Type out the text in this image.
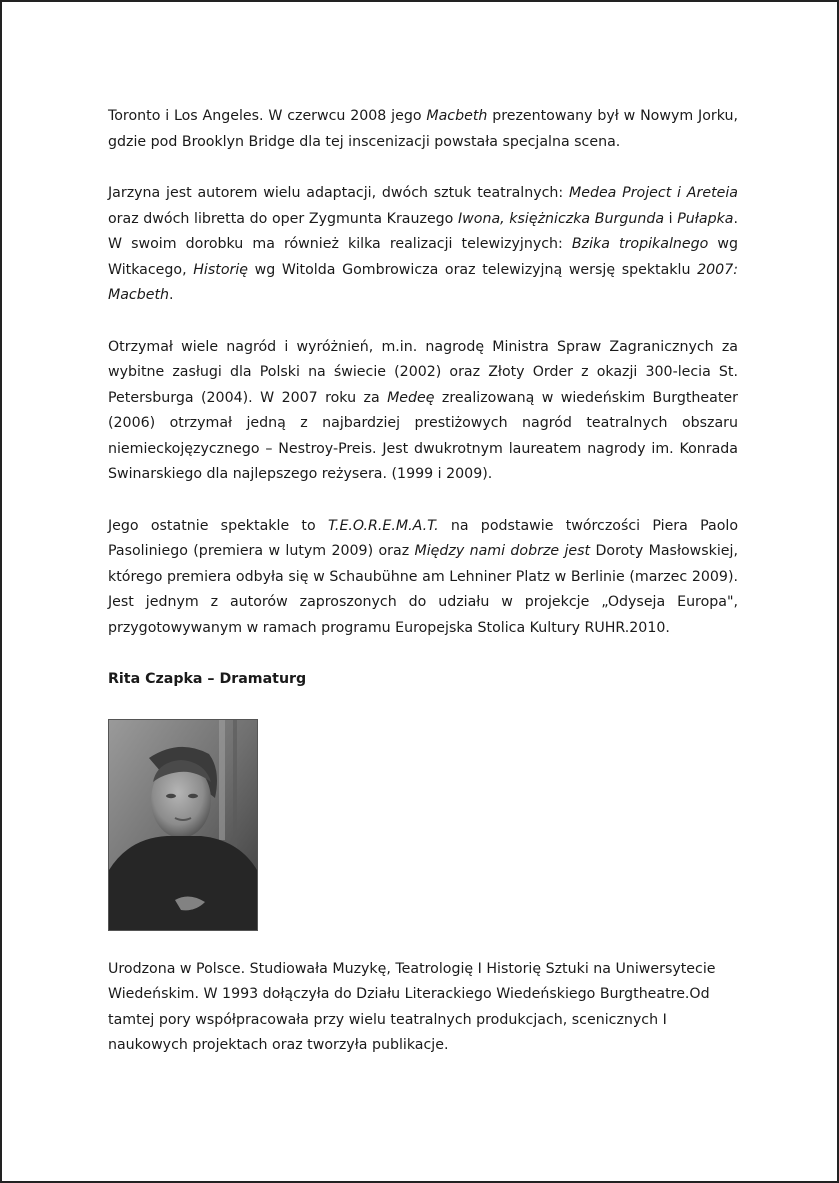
Toronto i Los Angeles. W czerwcu 2008 jego Macbeth prezentowany był w Nowym Jorku, gdzie pod Brooklyn Bridge dla tej inscenizacji powstała specjalna scena.

Jarzyna jest autorem wielu adaptacji, dwóch sztuk teatralnych: Medea Project i Areteia oraz dwóch libretta do oper Zygmunta Krauzego Iwona, księżniczka Burgunda i Pułapka. W swoim dorobku ma również kilka realizacji telewizyjnych: Bzika tropikalnego wg Witkacego, Historię wg Witolda Gombrowicza oraz telewizyjną wersję spektaklu 2007: Macbeth.

Otrzymał wiele nagród i wyróżnień, m.in. nagrodę Ministra Spraw Zagranicznych za wybitne zasługi dla Polski na świecie (2002) oraz Złoty Order z okazji 300-lecia St. Petersburga (2004). W 2007 roku za Medeę zrealizowaną w wiedeńskim Burgtheater (2006) otrzymał jedną z najbardziej prestiżowych nagród teatralnych obszaru niemieckojęzycznego – Nestroy-Preis. Jest dwukrotnym laureatem nagrody im. Konrada Swinarskiego dla najlepszego reżysera. (1999 i 2009).

Jego ostatnie spektakle to T.E.O.R.E.M.A.T. na podstawie twórczości Piera Paolo Pasoliniego (premiera w lutym 2009) oraz Między nami dobrze jest Doroty Masłowskiej, którego premiera odbyła się w Schaubühne am Lehniner Platz w Berlinie (marzec 2009). Jest jednym z autorów zaproszonych do udziału w projekcje „Odyseja Europa", przygotowywanym w ramach programu Europejska Stolica Kultury RUHR.2010.

Rita Czapka – Dramaturg

Urodzona w Polsce. Studiowała Muzykę, Teatrologię I Historię Sztuki na Uniwersytecie Wiedeńskim. W 1993 dołączyła do Działu Literackiego Wiedeńskiego Burgtheatre.Od tamtej pory współpracowała przy wielu teatralnych produkcjach, scenicznych I naukowych projektach oraz tworzyła publikacje.
